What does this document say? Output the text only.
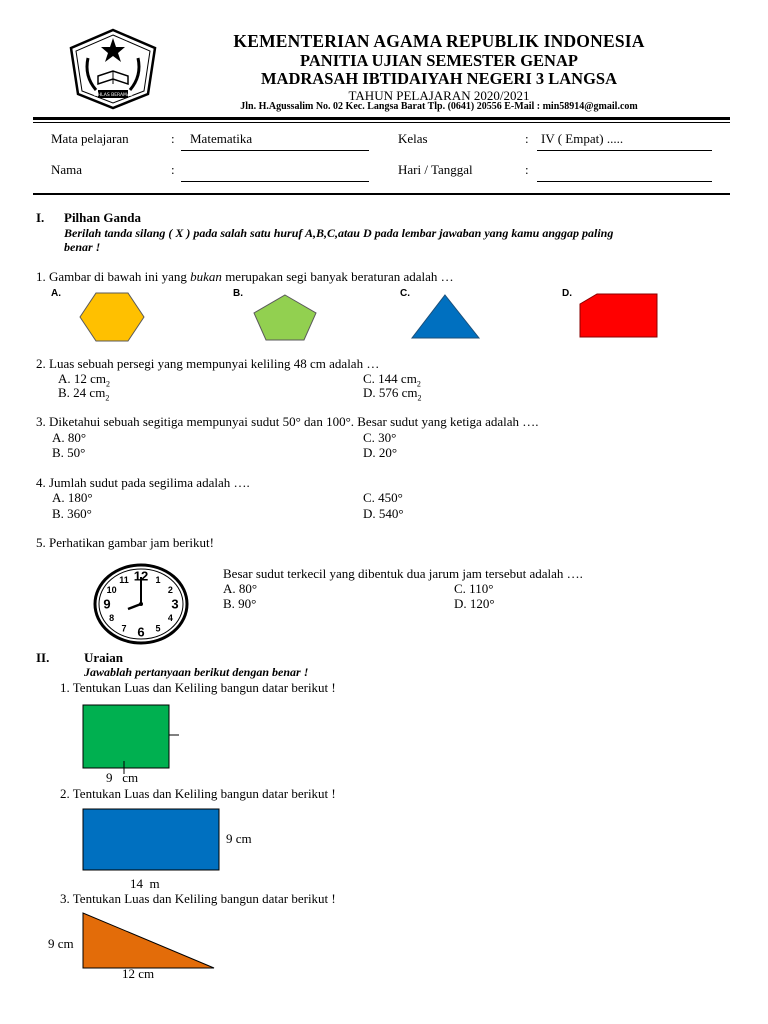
IKHLAS BERAMAL
KEMENTERIAN AGAMA REPUBLIK INDONESIA
PANITIA UJIAN SEMESTER GENAP
MADRASAH IBTIDAIYAH NEGERI 3 LANGSA
TAHUN PELAJARAN 2020/2021
Jln. H.Agussalim No. 02 Kec. Langsa Barat Tlp. (0641) 20556 E-Mail : min58914@gmail.com
Mata pelajaran	: Matematika	Kelas	: IV ( Empat) .....
Nama	:	Hari / Tanggal	:
I. Pilhan Ganda
Berilah tanda silang ( X ) pada salah satu huruf A,B,C,atau D pada lembar jawaban yang kamu anggap paling
benar !
1. Gambar di bawah ini yang bukan merupakan segi banyak beraturan adalah …
A.	B.	C.	D.
2. Luas sebuah persegi yang mempunyai keliling 48 cm adalah …
A. 12 $cm_2$
B. 24 $cm_2$
C. 144 $cm_2$
D. 576 $cm_2$
3. Diketahui sebuah segitiga mempunyai sudut 50° dan 100°. Besar sudut yang ketiga adalah ….
A. 80°
B. 50°
C. 30°
D. 20°
4. Jumlah sudut pada segilima adalah ….
A. 180°
B. 360°
C. 450°
D. 540°
5. Perhatikan gambar jam berikut!
12 1
2
3
4
5
6
7
8
9
10
11	Besar sudut terkecil yang dibentuk dua jarum jam tersebut adalah ….
A. 80°
B. 90°
C. 110°
D. 120°
II.	Uraian
Jawablah pertanyaan berikut dengan benar !
1. Tentukan Luas dan Keliling bangun datar berikut !
9   cm
2. Tentukan Luas dan Keliling bangun datar berikut !
9 cm
14  m
3. Tentukan Luas dan Keliling bangun datar berikut !
9 cm
12 cm
